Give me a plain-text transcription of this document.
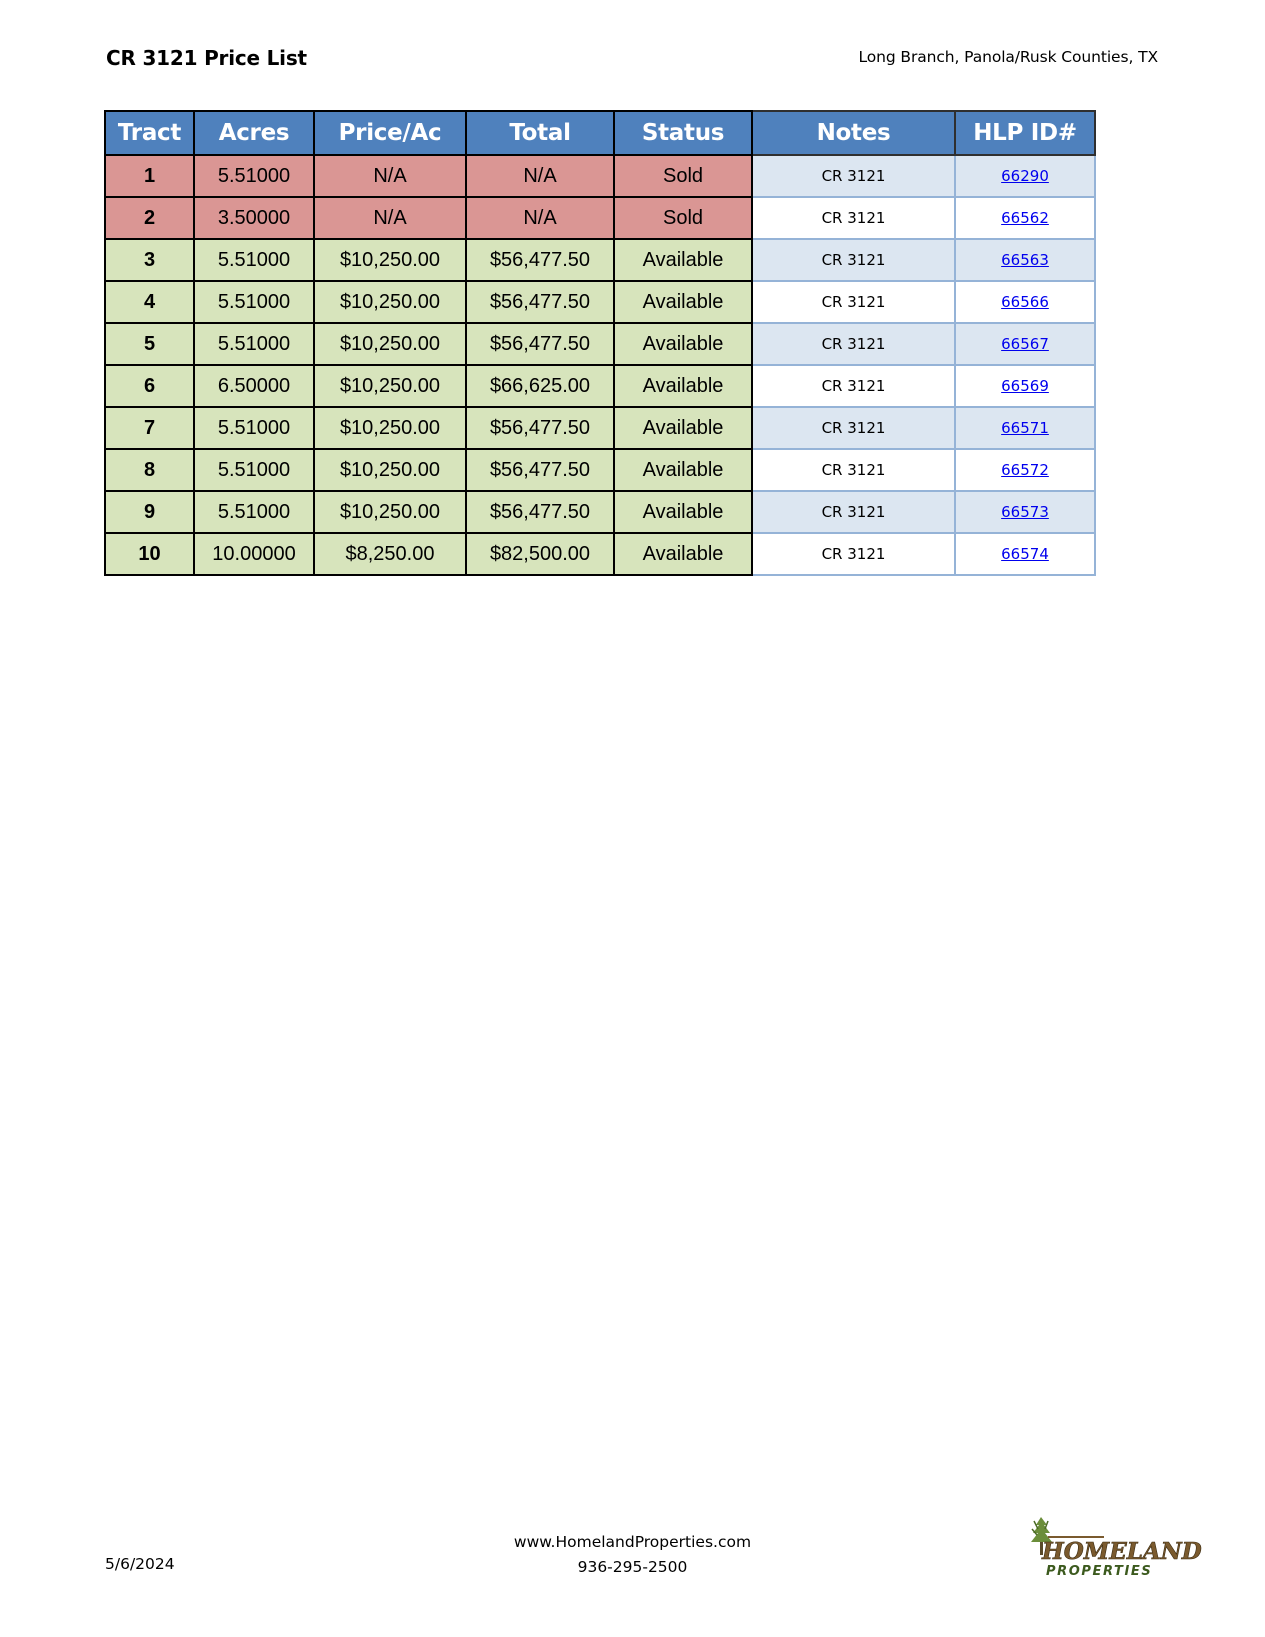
CR 3121 Price List	Long Branch, Panola/Rusk Counties, TX
Tract	Acres	Price/Ac	Total	Status	Notes	HLP ID#
1	5.51000	N/A	N/A	Sold	CR 3121	66290
2	3.50000	N/A	N/A	Sold	CR 3121	66562
3	5.51000	$10,250.00	$56,477.50	Available	CR 3121	66563
4	5.51000	$10,250.00	$56,477.50	Available	CR 3121	66566
5	5.51000	$10,250.00	$56,477.50	Available	CR 3121	66567
6	6.50000	$10,250.00	$66,625.00	Available	CR 3121	66569
7	5.51000	$10,250.00	$56,477.50	Available	CR 3121	66571
8	5.51000	$10,250.00	$56,477.50	Available	CR 3121	66572
9	5.51000	$10,250.00	$56,477.50	Available	CR 3121	66573
10	10.00000	$8,250.00	$82,500.00	Available	CR 3121	66574
5/6/2024
www.HomelandProperties.com
936-295-2500
HOMELAND
PROPERTIES
